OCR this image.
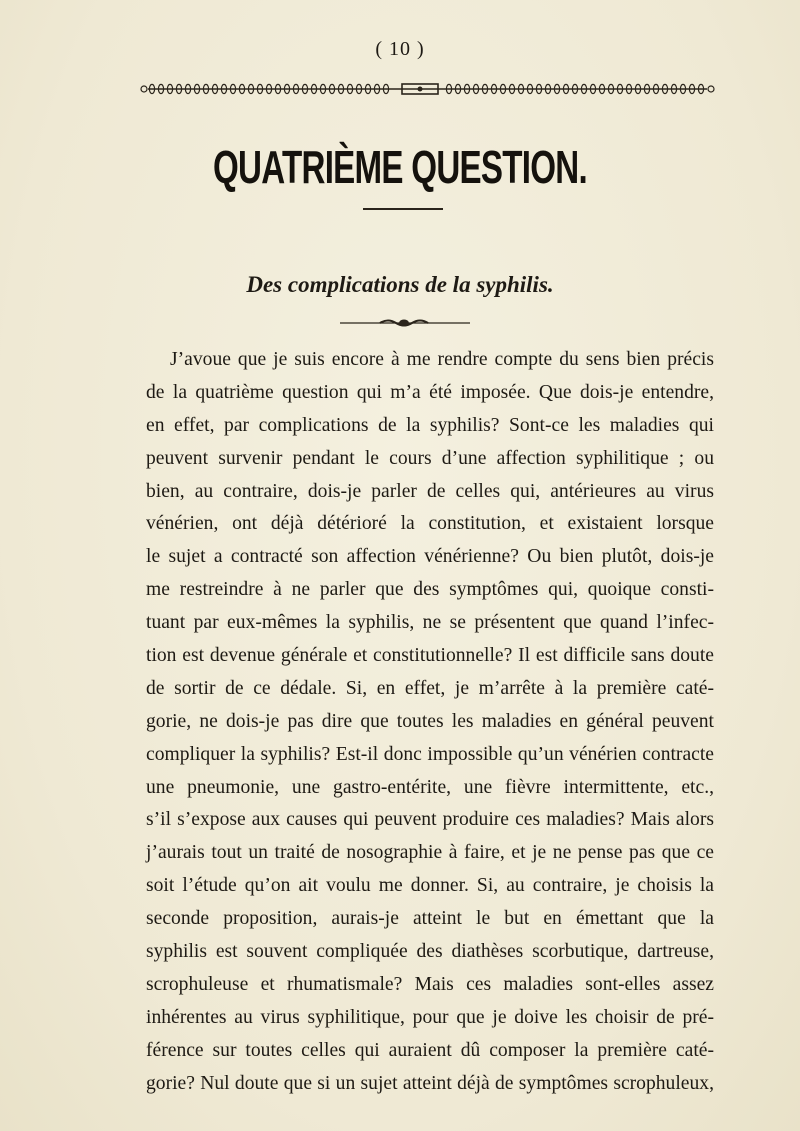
( 10 )
QUATRIÈME QUESTION.
Des complications de la syphilis.
J’avoue que je suis encore à me rendre compte du sens bien précis
de la quatrième question qui m’a été imposée. Que dois-je entendre,
en effet, par complications de la syphilis? Sont-ce les maladies qui
peuvent survenir pendant le cours d’une affection syphilitique ; ou
bien, au contraire, dois-je parler de celles qui, antérieures au virus
vénérien, ont déjà détérioré la constitution, et existaient lorsque
le sujet a contracté son affection vénérienne? Ou bien plutôt, dois-je
me restreindre à ne parler que des symptômes qui, quoique consti-
tuant par eux-mêmes la syphilis, ne se présentent que quand l’infec-
tion est devenue générale et constitutionnelle? Il est difficile sans doute
de sortir de ce dédale. Si, en effet, je m’arrête à la première caté-
gorie, ne dois-je pas dire que toutes les maladies en général peuvent
compliquer la syphilis? Est-il donc impossible qu’un vénérien contracte
une pneumonie, une gastro-entérite, une fièvre intermittente, etc.,
s’il s’expose aux causes qui peuvent produire ces maladies? Mais alors
j’aurais tout un traité de nosographie à faire, et je ne pense pas que ce
soit l’étude qu’on ait voulu me donner. Si, au contraire, je choisis la
seconde proposition, aurais-je atteint le but en émettant que la
syphilis est souvent compliquée des diathèses scorbutique, dartreuse,
scrophuleuse et rhumatismale? Mais ces maladies sont-elles assez
inhérentes au virus syphilitique, pour que je doive les choisir de pré-
férence sur toutes celles qui auraient dû composer la première caté-
gorie? Nul doute que si un sujet atteint déjà de symptômes scrophuleux,
